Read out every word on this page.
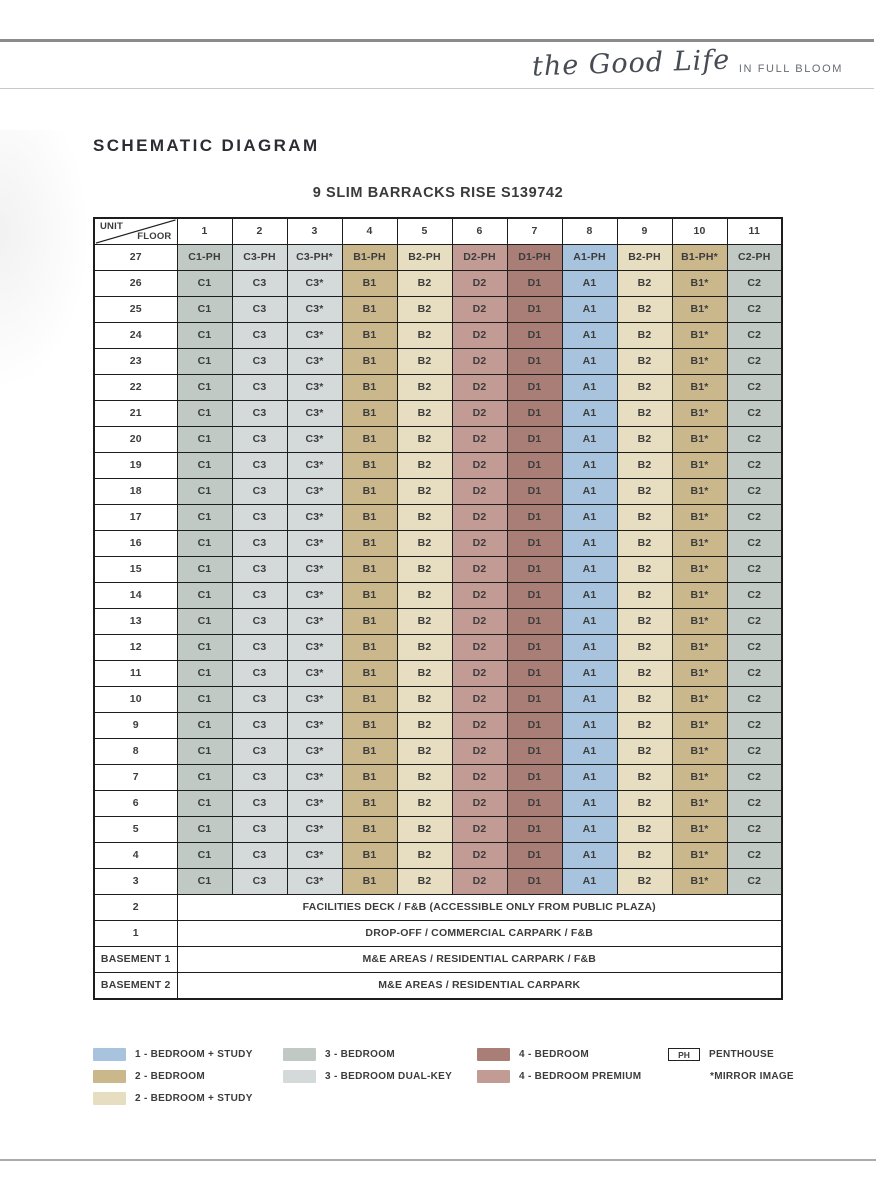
the Good Life IN FULL BLOOM
SCHEMATIC DIAGRAM
9 SLIM BARRACKS RISE S139742
UNIT
FLOOR	1	2	3	4	5	6	7	8	9	10	11
27	C1-PH	C3-PH	C3-PH*	B1-PH	B2-PH	D2-PH	D1-PH	A1-PH	B2-PH	B1-PH*	C2-PH
26	C1	C3	C3*	B1	B2	D2	D1	A1	B2	B1*	C2
25	C1	C3	C3*	B1	B2	D2	D1	A1	B2	B1*	C2
24	C1	C3	C3*	B1	B2	D2	D1	A1	B2	B1*	C2
23	C1	C3	C3*	B1	B2	D2	D1	A1	B2	B1*	C2
22	C1	C3	C3*	B1	B2	D2	D1	A1	B2	B1*	C2
21	C1	C3	C3*	B1	B2	D2	D1	A1	B2	B1*	C2
20	C1	C3	C3*	B1	B2	D2	D1	A1	B2	B1*	C2
19	C1	C3	C3*	B1	B2	D2	D1	A1	B2	B1*	C2
18	C1	C3	C3*	B1	B2	D2	D1	A1	B2	B1*	C2
17	C1	C3	C3*	B1	B2	D2	D1	A1	B2	B1*	C2
16	C1	C3	C3*	B1	B2	D2	D1	A1	B2	B1*	C2
15	C1	C3	C3*	B1	B2	D2	D1	A1	B2	B1*	C2
14	C1	C3	C3*	B1	B2	D2	D1	A1	B2	B1*	C2
13	C1	C3	C3*	B1	B2	D2	D1	A1	B2	B1*	C2
12	C1	C3	C3*	B1	B2	D2	D1	A1	B2	B1*	C2
11	C1	C3	C3*	B1	B2	D2	D1	A1	B2	B1*	C2
10	C1	C3	C3*	B1	B2	D2	D1	A1	B2	B1*	C2
9	C1	C3	C3*	B1	B2	D2	D1	A1	B2	B1*	C2
8	C1	C3	C3*	B1	B2	D2	D1	A1	B2	B1*	C2
7	C1	C3	C3*	B1	B2	D2	D1	A1	B2	B1*	C2
6	C1	C3	C3*	B1	B2	D2	D1	A1	B2	B1*	C2
5	C1	C3	C3*	B1	B2	D2	D1	A1	B2	B1*	C2
4	C1	C3	C3*	B1	B2	D2	D1	A1	B2	B1*	C2
3	C1	C3	C3*	B1	B2	D2	D1	A1	B2	B1*	C2
2	FACILITIES DECK / F&B (ACCESSIBLE ONLY FROM PUBLIC PLAZA)										
1	DROP-OFF / COMMERCIAL CARPARK / F&B										
BASEMENT 1	M&E AREAS / RESIDENTIAL CARPARK / F&B										
BASEMENT 2	M&E AREAS / RESIDENTIAL CARPARK										
1 - BEDROOM + STUDY
2 - BEDROOM
2 - BEDROOM + STUDY
3 - BEDROOM
3 - BEDROOM DUAL-KEY
4 - BEDROOM
4 - BEDROOM PREMIUM
PH	PENTHOUSE
*MIRROR IMAGE
